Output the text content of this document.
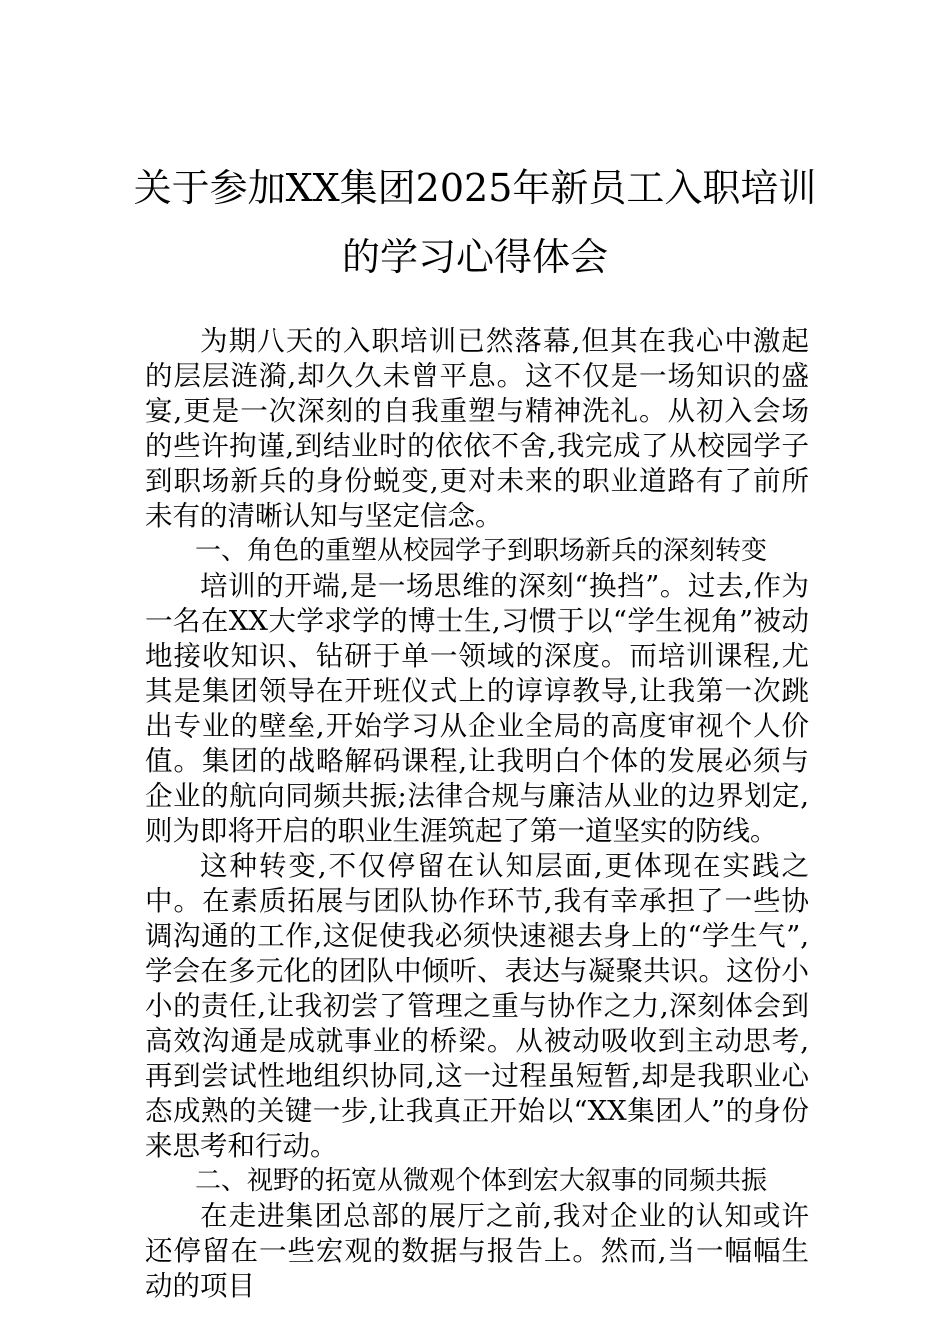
关于参加XX集团2025年新员工入职培训
的学习心得体会

为期八天的入职培训已然落幕,但其在我心中激起的层层涟漪,却久久未曾平息。这不仅是一场知识的盛宴,更是一次深刻的自我重塑与精神洗礼。从初入会场的些许拘谨,到结业时的依依不舍,我完成了从校园学子到职场新兵的身份蜕变,更对未来的职业道路有了前所未有的清晰认知与坚定信念。

一、角色的重塑从校园学子到职场新兵的深刻转变

培训的开端,是一场思维的深刻“换挡”。过去,作为一名在XX大学求学的博士生,习惯于以“学生视角”被动地接收知识、钻研于单一领域的深度。而培训课程,尤其是集团领导在开班仪式上的谆谆教导,让我第一次跳出专业的壁垒,开始学习从企业全局的高度审视个人价值。集团的战略解码课程,让我明白个体的发展必须与企业的航向同频共振;法律合规与廉洁从业的边界划定,则为即将开启的职业生涯筑起了第一道坚实的防线。

这种转变,不仅停留在认知层面,更体现在实践之中。在素质拓展与团队协作环节,我有幸承担了一些协调沟通的工作,这促使我必须快速褪去身上的“学生气”,学会在多元化的团队中倾听、表达与凝聚共识。这份小小的责任,让我初尝了管理之重与协作之力,深刻体会到高效沟通是成就事业的桥梁。从被动吸收到主动思考,再到尝试性地组织协同,这一过程虽短暂,却是我职业心态成熟的关键一步,让我真正开始以“XX集团人”的身份来思考和行动。

二、视野的拓宽从微观个体到宏大叙事的同频共振

在走进集团总部的展厅之前,我对企业的认知或许还停留在一些宏观的数据与报告上。然而,当一幅幅生动的项目
